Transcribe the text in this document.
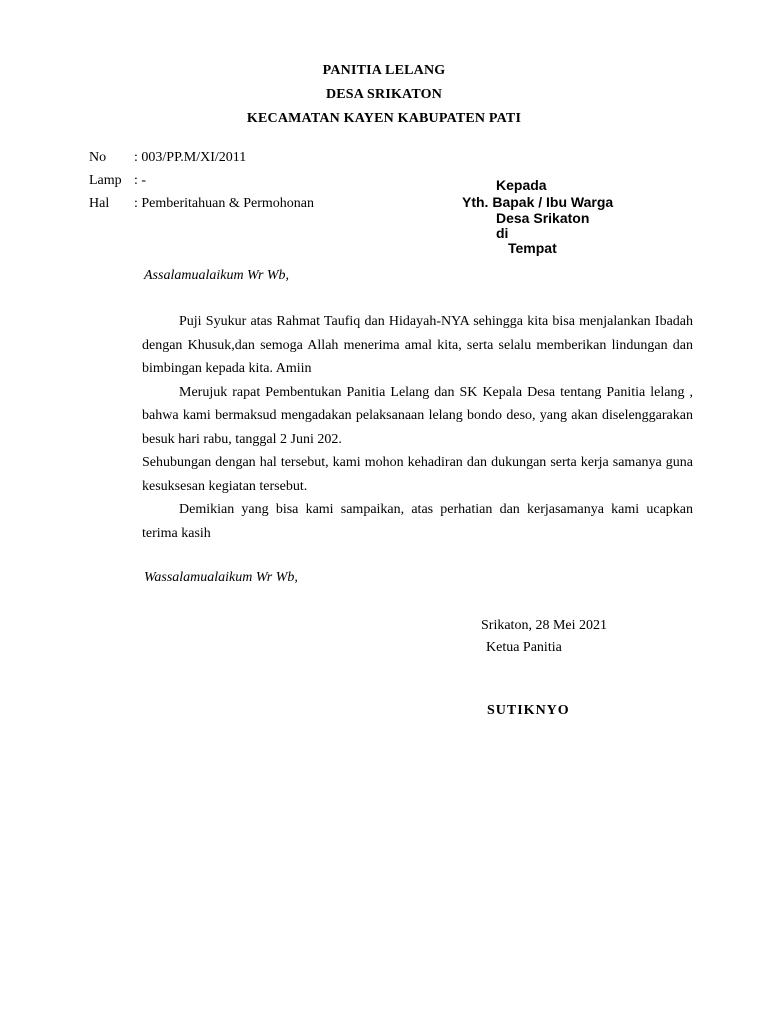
PANITIA LELANG
DESA SRIKATON
KECAMATAN KAYEN KABUPATEN PATI
No : 003/PP.M/XI/2011
Lamp : -
Hal : Pemberitahuan & Permohonan
Kepada
Yth. Bapak / Ibu Warga
Desa Srikaton
di
Tempat
Assalamualaikum Wr Wb,

Puji Syukur atas Rahmat Taufiq dan Hidayah-NYA sehingga kita bisa menjalankan Ibadah dengan Khusuk,dan semoga Allah menerima amal kita, serta selalu memberikan lindungan dan bimbingan kepada kita. Amiin

Merujuk rapat Pembentukan Panitia Lelang dan SK Kepala Desa tentang Panitia lelang , bahwa kami bermaksud mengadakan pelaksanaan lelang bondo deso, yang akan diselenggarakan besuk hari rabu, tanggal 2 Juni 202.

Sehubungan dengan hal tersebut, kami mohon kehadiran dan dukungan serta kerja samanya guna kesuksesan kegiatan tersebut.

Demikian yang bisa kami sampaikan, atas perhatian dan kerjasamanya kami ucapkan terima kasih

Wassalamualaikum Wr Wb,
Srikaton, 28 Mei 2021
Ketua Panitia
SUTIKNYO
